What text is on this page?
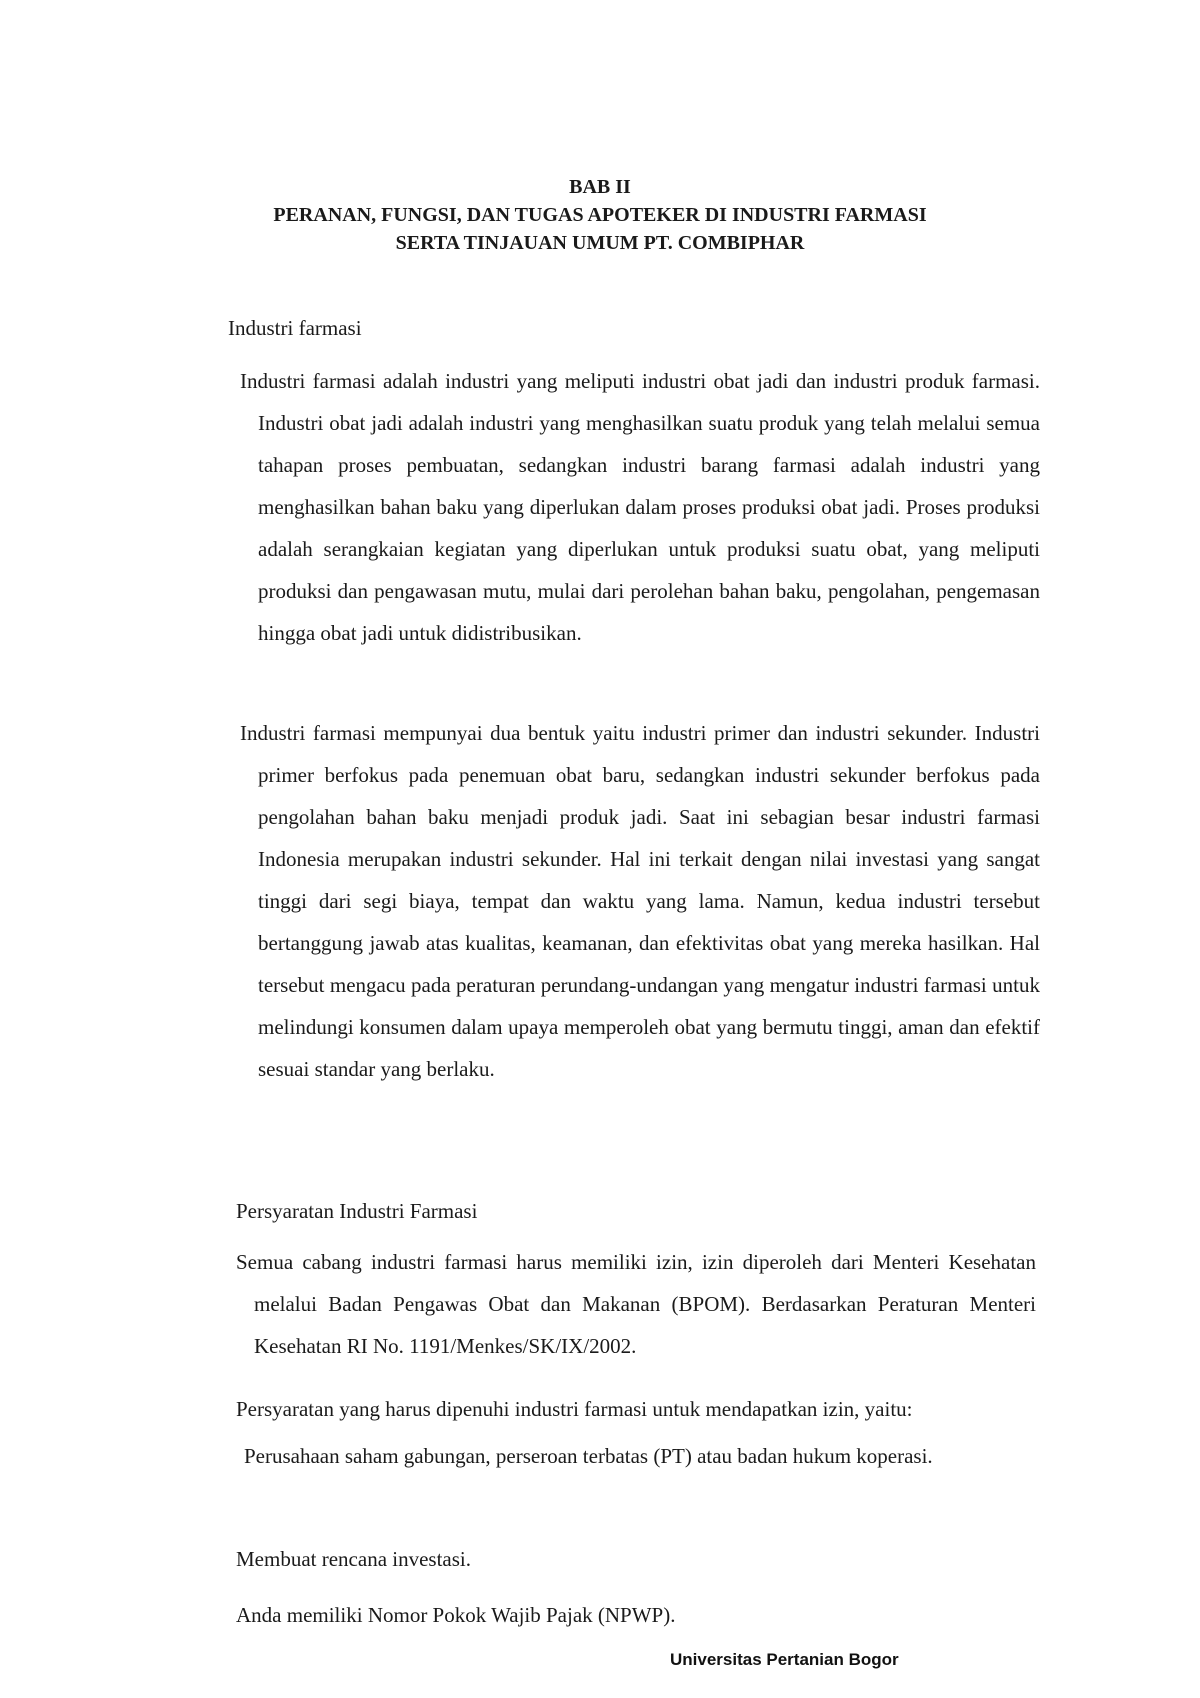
BAB II
PERANAN, FUNGSI, DAN TUGAS APOTEKER DI INDUSTRI FARMASI
SERTA TINJAUAN UMUM PT. COMBIPHAR
Industri farmasi
Industri farmasi adalah industri yang meliputi industri obat jadi dan industri produk farmasi. Industri obat jadi adalah industri yang menghasilkan suatu produk yang telah melalui semua tahapan proses pembuatan, sedangkan industri barang farmasi adalah industri yang menghasilkan bahan baku yang diperlukan dalam proses produksi obat jadi. Proses produksi adalah serangkaian kegiatan yang diperlukan untuk produksi suatu obat, yang meliputi produksi dan pengawasan mutu, mulai dari perolehan bahan baku, pengolahan, pengemasan hingga obat jadi untuk didistribusikan.
Industri farmasi mempunyai dua bentuk yaitu industri primer dan industri sekunder. Industri primer berfokus pada penemuan obat baru, sedangkan industri sekunder berfokus pada pengolahan bahan baku menjadi produk jadi. Saat ini sebagian besar industri farmasi Indonesia merupakan industri sekunder. Hal ini terkait dengan nilai investasi yang sangat tinggi dari segi biaya, tempat dan waktu yang lama. Namun, kedua industri tersebut bertanggung jawab atas kualitas, keamanan, dan efektivitas obat yang mereka hasilkan. Hal tersebut mengacu pada peraturan perundang-undangan yang mengatur industri farmasi untuk melindungi konsumen dalam upaya memperoleh obat yang bermutu tinggi, aman dan efektif sesuai standar yang berlaku.
Persyaratan Industri Farmasi
Semua cabang industri farmasi harus memiliki izin, izin diperoleh dari Menteri Kesehatan melalui Badan Pengawas Obat dan Makanan (BPOM). Berdasarkan Peraturan Menteri Kesehatan RI No. 1191/Menkes/SK/IX/2002.
Persyaratan yang harus dipenuhi industri farmasi untuk mendapatkan izin, yaitu:
Perusahaan saham gabungan, perseroan terbatas (PT) atau badan hukum koperasi.
Membuat rencana investasi.
Anda memiliki Nomor Pokok Wajib Pajak (NPWP).
Universitas Pertanian Bogor
